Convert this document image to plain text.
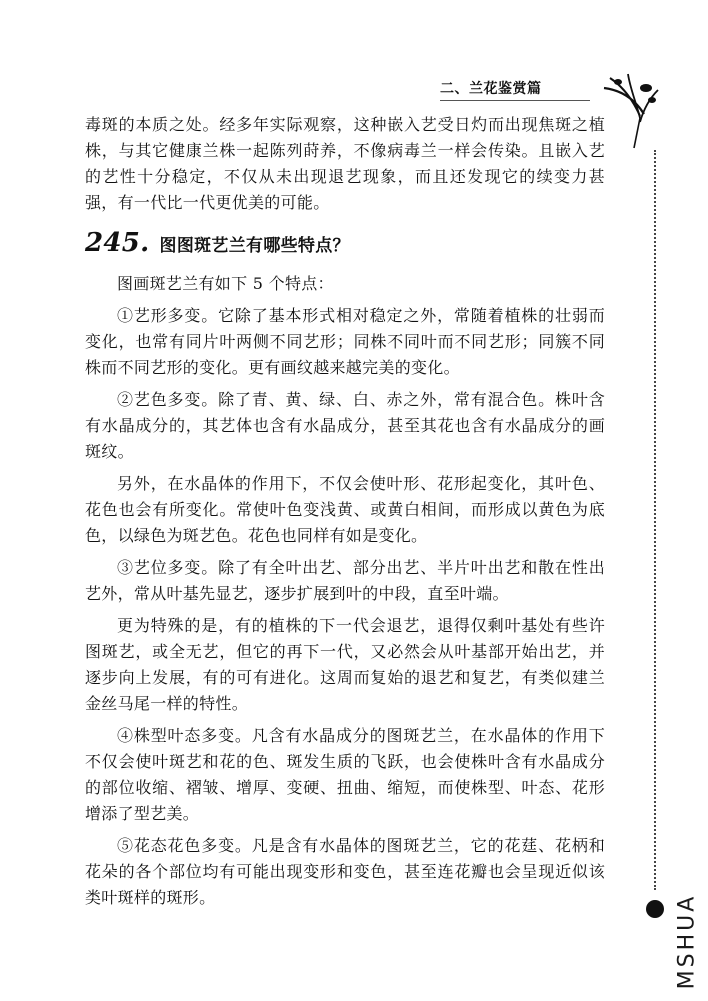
二、兰花鉴赏篇
MSHUA

毒斑的本质之处。经多年实际观察，这种嵌入艺受日灼而出现焦斑之植株，与其它健康兰株一起陈列莳养，不像病毒兰一样会传染。且嵌入艺的艺性十分稳定，不仅从未出现退艺现象，而且还发现它的续变力甚强，有一代比一代更优美的可能。

245. 图图斑艺兰有哪些特点？

图画斑艺兰有如下 5 个特点：

①艺形多变。它除了基本形式相对稳定之外，常随着植株的壮弱而变化，也常有同片叶两侧不同艺形；同株不同叶而不同艺形；同簇不同株而不同艺形的变化。更有画纹越来越完美的变化。

②艺色多变。除了青、黄、绿、白、赤之外，常有混合色。株叶含有水晶成分的，其艺体也含有水晶成分，甚至其花也含有水晶成分的画斑纹。

另外，在水晶体的作用下，不仅会使叶形、花形起变化，其叶色、花色也会有所变化。常使叶色变浅黄、或黄白相间，而形成以黄色为底色，以绿色为斑艺色。花色也同样有如是变化。

③艺位多变。除了有全叶出艺、部分出艺、半片叶出艺和散在性出艺外，常从叶基先显艺，逐步扩展到叶的中段，直至叶端。

更为特殊的是，有的植株的下一代会退艺，退得仅剩叶基处有些许图斑艺，或全无艺，但它的再下一代，又必然会从叶基部开始出艺，并逐步向上发展，有的可有进化。这周而复始的退艺和复艺，有类似建兰金丝马尾一样的特性。

④株型叶态多变。凡含有水晶成分的图斑艺兰，在水晶体的作用下不仅会使叶斑艺和花的色、斑发生质的飞跃，也会使株叶含有水晶成分的部位收缩、褶皱、增厚、变硬、扭曲、缩短，而使株型、叶态、花形增添了型艺美。

⑤花态花色多变。凡是含有水晶体的图斑艺兰，它的花莛、花柄和花朵的各个部位均有可能出现变形和变色，甚至连花瓣也会呈现近似该类叶斑样的斑形。
